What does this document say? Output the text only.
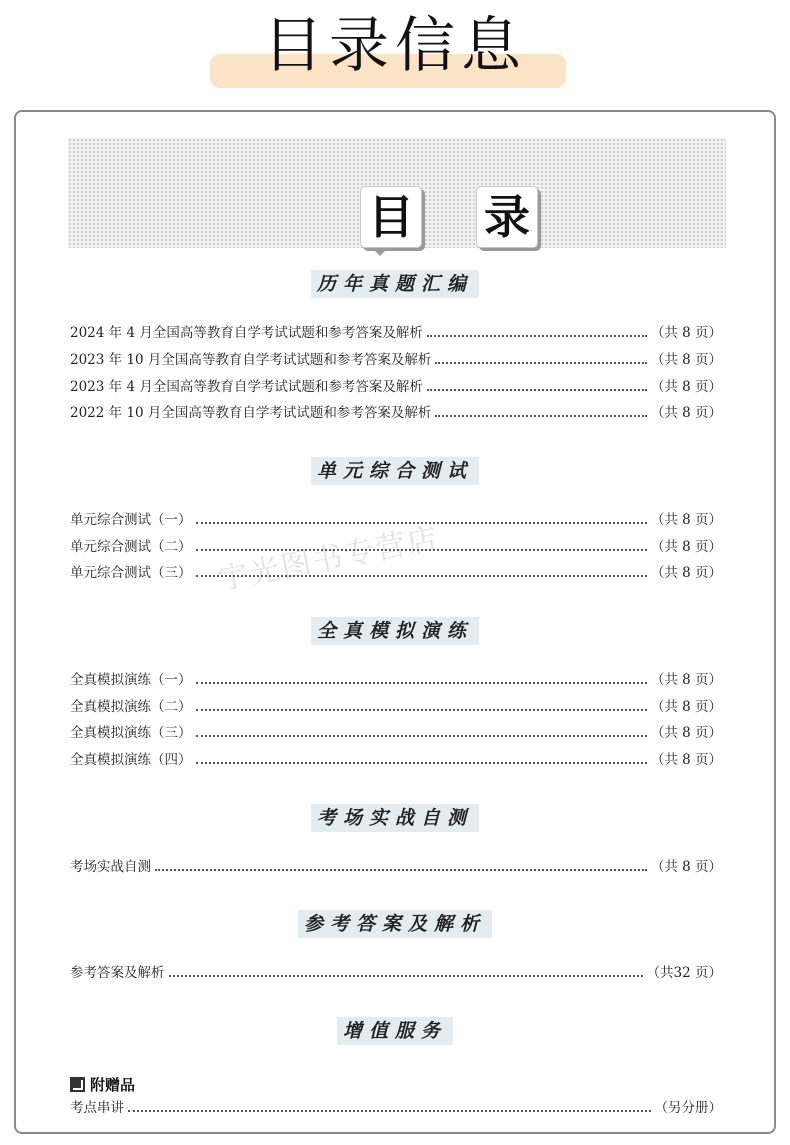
目录信息
目 录
宇光图书专营店
历年真题汇编
2024 年 4 月全国高等教育自学考试试题和参考答案及解析	（共 8 页）
2023 年 10 月全国高等教育自学考试试题和参考答案及解析	（共 8 页）
2023 年 4 月全国高等教育自学考试试题和参考答案及解析	（共 8 页）
2022 年 10 月全国高等教育自学考试试题和参考答案及解析	（共 8 页）
单元综合测试
单元综合测试（一）	（共 8 页）
单元综合测试（二）	（共 8 页）
单元综合测试（三）	（共 8 页）
全真模拟演练
全真模拟演练（一）	（共 8 页）
全真模拟演练（二）	（共 8 页）
全真模拟演练（三）	（共 8 页）
全真模拟演练（四）	（共 8 页）
考场实战自测
考场实战自测	（共 8 页）
参考答案及解析
参考答案及解析	（共32 页）
增值服务
附赠品
考点串讲	（另分册）
